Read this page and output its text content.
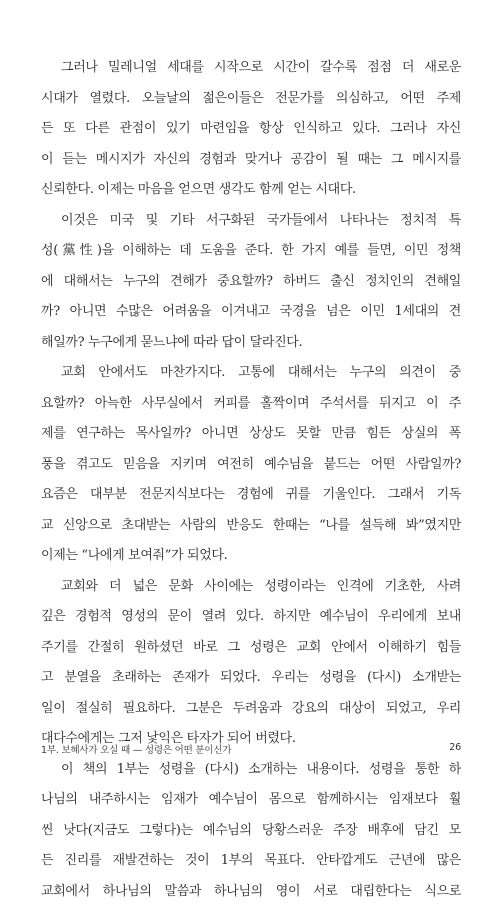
그러나 밀레니얼 세대를 시작으로 시간이 갈수록 점점 더 새로운
시대가 열렸다. 오늘날의 젊은이들은 전문가를 의심하고, 어떤 주제
든 또 다른 관점이 있기 마련임을 항상 인식하고 있다. 그러나 자신
이 듣는 메시지가 자신의 경험과 맞거나 공감이 될 때는 그 메시지를
신뢰한다. 이제는 마음을 얻으면 생각도 함께 얻는 시대다.
이것은 미국 및 기타 서구화된 국가들에서 나타나는 정치적 특
성(黨性)을 이해하는 데 도움을 준다. 한 가지 예를 들면, 이민 정책
에 대해서는 누구의 견해가 중요할까? 하버드 출신 정치인의 견해일
까? 아니면 수많은 어려움을 이겨내고 국경을 넘은 이민 1세대의 견
해일까? 누구에게 묻느냐에 따라 답이 달라진다.
교회 안에서도 마찬가지다. 고통에 대해서는 누구의 의견이 중
요할까? 아늑한 사무실에서 커피를 홀짝이며 주석서를 뒤지고 이 주
제를 연구하는 목사일까? 아니면 상상도 못할 만큼 힘든 상실의 폭
풍을 겪고도 믿음을 지키며 여전히 예수님을 붙드는 어떤 사람일까?
요즘은 대부분 전문지식보다는 경험에 귀를 기울인다. 그래서 기독
교 신앙으로 초대받는 사람의 반응도 한때는 “나를 설득해 봐”였지만
이제는 “나에게 보여줘”가 되었다.
교회와 더 넓은 문화 사이에는 성령이라는 인격에 기초한, 사려
깊은 경험적 영성의 문이 열려 있다. 하지만 예수님이 우리에게 보내
주기를 간절히 원하셨던 바로 그 성령은 교회 안에서 이해하기 힘들
고 분열을 초래하는 존재가 되었다. 우리는 성령을 (다시) 소개받는
일이 절실히 필요하다. 그분은 두려움과 강요의 대상이 되었고, 우리
대다수에게는 그저 낯익은 타자가 되어 버렸다.
이 책의 1부는 성령을 (다시) 소개하는 내용이다. 성령을 통한 하
나님의 내주하시는 임재가 예수님이 몸으로 함께하시는 임재보다 훨
씬 낫다(지금도 그렇다)는 예수님의 당황스러운 주장 배후에 담긴 모
든 진리를 재발견하는 것이 1부의 목표다. 안타깝게도 근년에 많은
교회에서 하나님의 말씀과 하나님의 영이 서로 대립한다는 식으로
1부. 보혜사가 오실 때 — 성령은 어떤 분이신가	26
